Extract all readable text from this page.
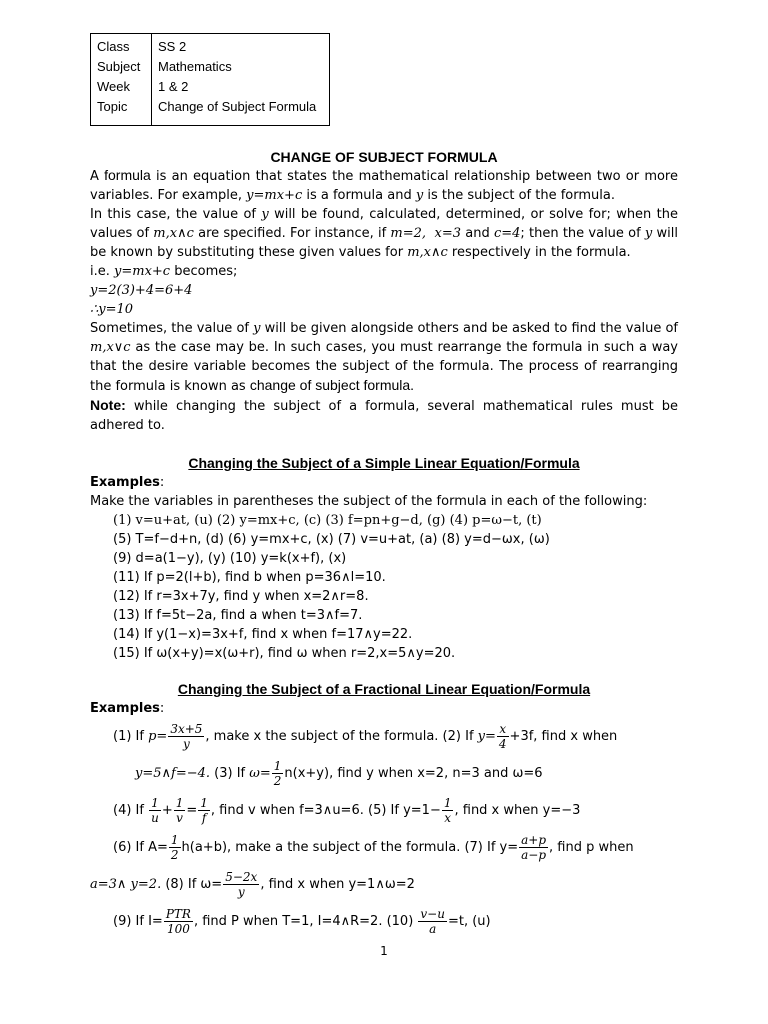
Class	SS 2
Subject	Mathematics
Week	1 & 2
Topic	Change of Subject Formula
CHANGE OF SUBJECT FORMULA

A formula is an equation that states the mathematical relationship between two or more variables. For example, y=mx+c is a formula and y is the subject of the formula.

In this case, the value of y will be found, calculated, determined, or solve for; when the values of m,x∧c are specified. For instance, if m=2, x=3 and c=4; then the value of y will be known by substituting these given values for m,x∧c respectively in the formula.

i.e. y=mx+c becomes;

y=2(3)+4=6+4

∴y=10

Sometimes, the value of y will be given alongside others and be asked to find the value of m,x∨c as the case may be. In such cases, you must rearrange the formula in such a way that the desire variable becomes the subject of the formula. The process of rearranging the formula is known as change of subject formula.

Note: while changing the subject of a formula, several mathematical rules must be adhered to.

Changing the Subject of a Simple Linear Equation/Formula
Examples:

Make the variables in parentheses the subject of the formula in each of the following:

(1) v=u+at, (u) (2) y=mx+c, (c) (3) f=pn+g−d, (g) (4) p=ω−t, (t)
(5) T=f−d+n, (d) (6) y=mx+c, (x) (7) v=u+at, (a) (8) y=d−ωx, (ω)
(9) d=a(1−y), (y) (10) y=k(x+f), (x)
(11) If p=2(l+b), find b when p=36∧l=10.
(12) If r=3x+7y, find y when x=2∧r=8.
(13) If f=5t−2a, find a when t=3∧f=7.
(14) If y(1−x)=3x+f, find x when f=17∧y=22.
(15) If ω(x+y)=x(ω+r), find ω when r=2,x=5∧y=20.
Changing the Subject of a Fractional Linear Equation/Formula
Examples:
(1) If $p= \frac{3x+5}{y}$ , make x the subject of the formula. (2) If $y= \frac{x}{4} +3f$, find x when
y=5∧f=−4. (3) If $\omega= \frac{1}{2} n(x+y)$, find y when x=2, n=3 and ω=6
(4) If $\frac{1}{u} + \frac{1}{v} = \frac{1}{f}$ , find v when f=3∧u=6. (5) If $y=1- \frac{1}{x}$ , find x when y=−3
(6) If $A= \frac{1}{2} h(a+b)$, make a the subject of the formula. (7) If $y= \frac{a+p}{a-p}$ , find p when
a=3∧ y=2. (8) If $\omega= \frac{5-2x}{y}$ , find x when y=1∧ω=2
(9) If $I= \frac{\text{PTR}}{100}$ , find P when T=1, I=4∧R=2. $(10) \frac{v-u}{a} =t$, (u)
1
